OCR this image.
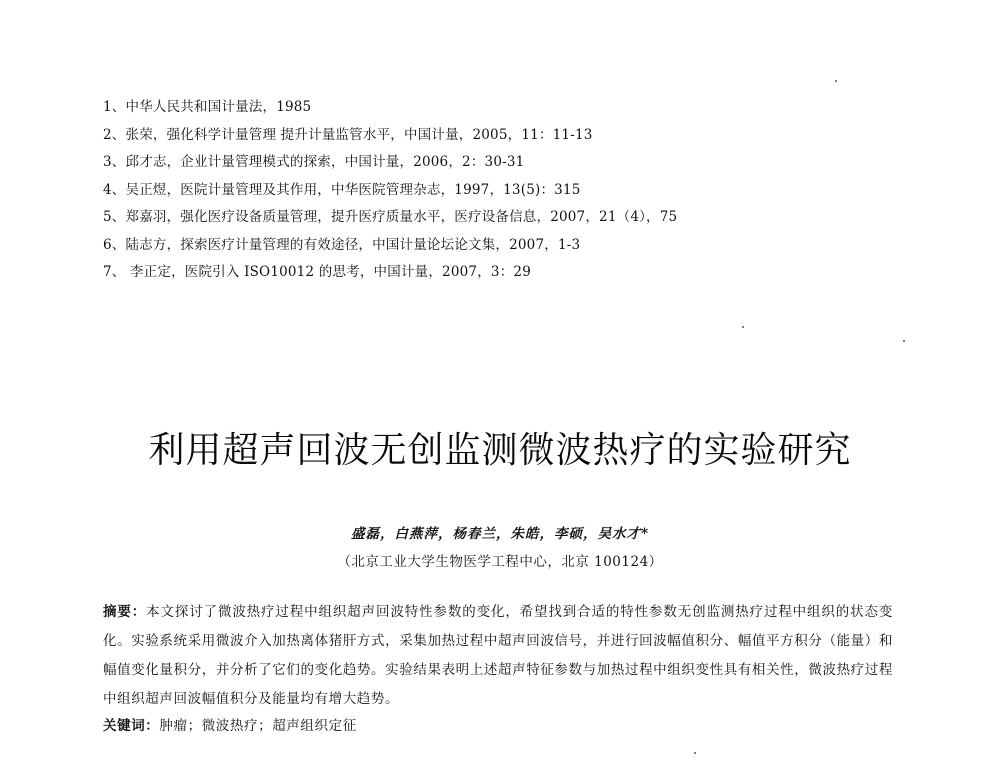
1、中华人民共和国计量法，1985
2、张荣，强化科学计量管理 提升计量监管水平，中国计量，2005，11：11-13
3、邱才志，企业计量管理模式的探索，中国计量，2006，2：30-31
4、吴正煜，医院计量管理及其作用，中华医院管理杂志，1997，13(5)：315
5、郑嘉羽，强化医疗设备质量管理，提升医疗质量水平，医疗设备信息，2007，21（4），75
6、陆志方，探索医疗计量管理的有效途径，中国计量论坛论文集，2007，1-3
7、 李正定，医院引入 ISO10012 的思考，中国计量，2007，3：29
利用超声回波无创监测微波热疗的实验研究
盛磊，白燕萍，杨春兰，朱皓，李硕，吴水才*
（北京工业大学生物医学工程中心，北京 100124）
摘要：本文探讨了微波热疗过程中组织超声回波特性参数的变化，希望找到合适的特性参数无创监测热疗过程中组织的状态变化。实验系统采用微波介入加热离体猪肝方式，采集加热过程中超声回波信号，并进行回波幅值积分、幅值平方积分（能量）和幅值变化量积分，并分析了它们的变化趋势。实验结果表明上述超声特征参数与加热过程中组织变性具有相关性，微波热疗过程中组织超声回波幅值积分及能量均有增大趋势。
关键词：肿瘤；微波热疗；超声组织定征
